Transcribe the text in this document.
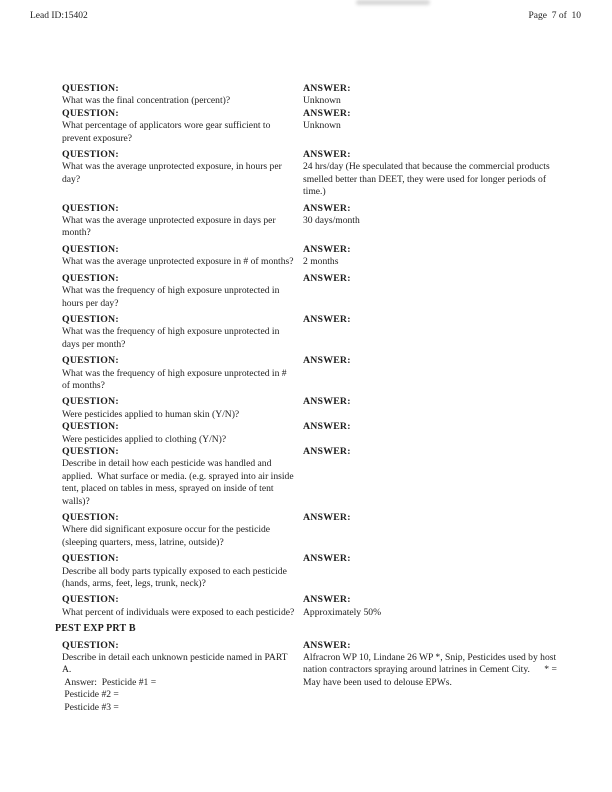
Lead ID:15402	Page  7 of  10
QUESTION:
What was the final concentration (percent)?
ANSWER:
Unknown
QUESTION:
What percentage of applicators wore gear sufficient to prevent exposure?
ANSWER:
Unknown
QUESTION:
What was the average unprotected exposure, in hours per day?
ANSWER:
24 hrs/day (He speculated that because the commercial products smelled better than DEET, they were used for longer periods of time.)
QUESTION:
What was the average unprotected exposure in days per month?
ANSWER:
30 days/month
QUESTION:
What was the average unprotected exposure in # of months?
ANSWER:
2 months
QUESTION:
What was the frequency of high exposure unprotected in hours per day?
ANSWER:
QUESTION:
What was the frequency of high exposure unprotected in days per month?
ANSWER:
QUESTION:
What was the frequency of high exposure unprotected in # of months?
ANSWER:
QUESTION:
Were pesticides applied to human skin (Y/N)?
ANSWER:
QUESTION:
Were pesticides applied to clothing (Y/N)?
ANSWER:
QUESTION:
Describe in detail how each pesticide was handled and applied.  What surface or media. (e.g. sprayed into air inside tent, placed on tables in mess, sprayed on inside of tent walls)?
ANSWER:
QUESTION:
Where did significant exposure occur for the pesticide (sleeping quarters, mess, latrine, outside)?
ANSWER:
QUESTION:
Describe all body parts typically exposed to each pesticide (hands, arms, feet, legs, trunk, neck)?
ANSWER:
QUESTION:
What percent of individuals were exposed to each pesticide?
ANSWER:
Approximately 50%
PEST EXP PRT B
QUESTION:
Describe in detail each unknown pesticide named in PART A.
Answer:  Pesticide #1 =
Pesticide #2 =
Pesticide #3 =
ANSWER:
Alfracron WP 10, Lindane 26 WP *, Snip, Pesticides used by host nation contractors spraying around latrines in Cement City.      * = May have been used to delouse EPWs.
